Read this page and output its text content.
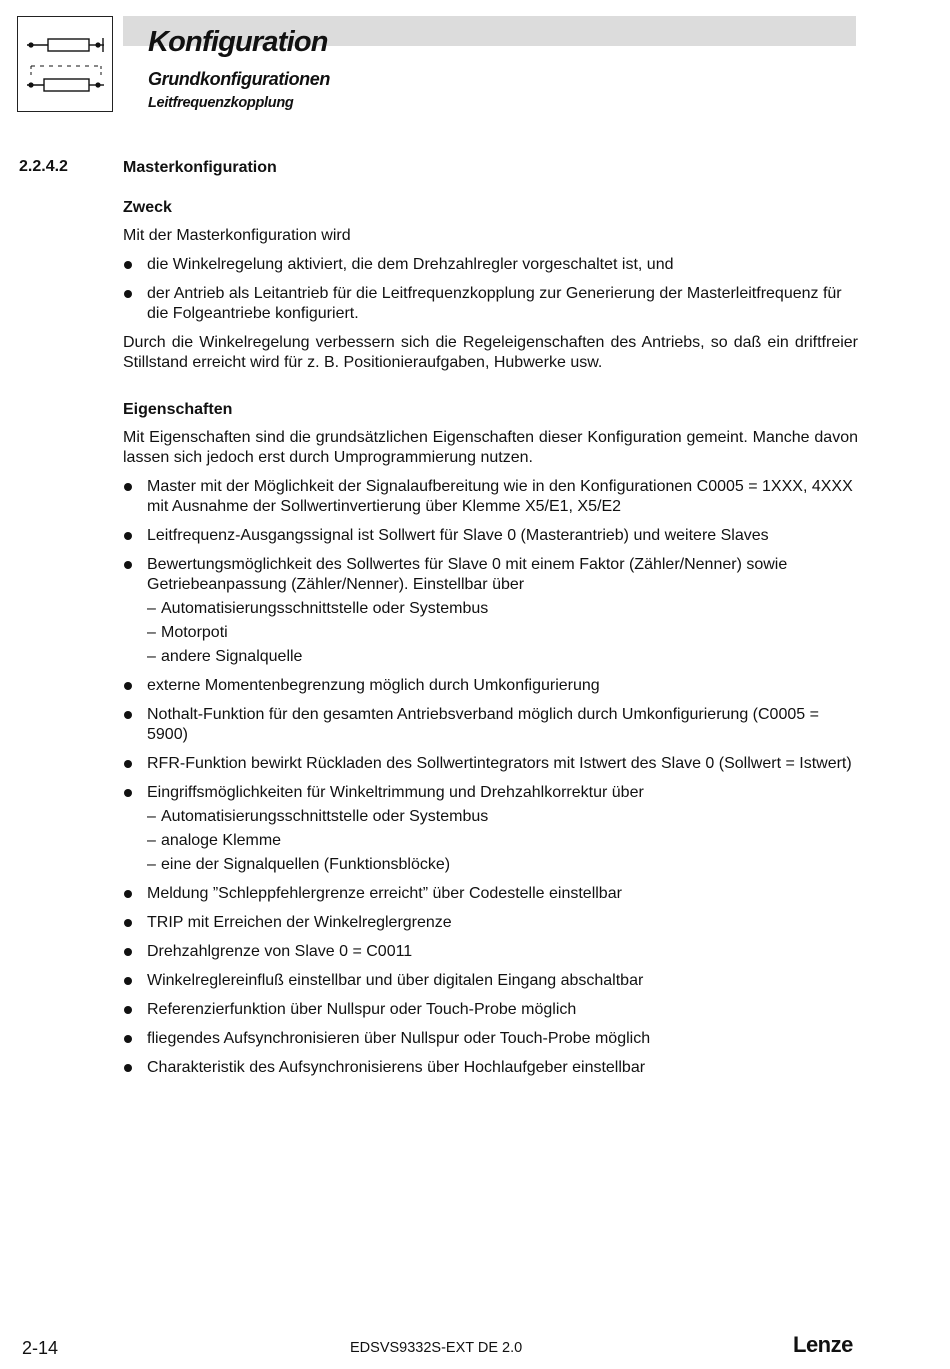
Konfiguration
Grundkonfigurationen
Leitfrequenzkopplung
2.2.4.2	Masterkonfiguration
Zweck
Mit der Masterkonfiguration wird
die Winkelregelung aktiviert, die dem Drehzahlregler vorgeschaltet ist, und
der Antrieb als Leitantrieb für die Leitfrequenzkopplung zur Generierung der Masterleitfrequenz für die Folgeantriebe konfiguriert.
Durch die Winkelregelung verbessern sich die Regeleigenschaften des Antriebs, so daß ein driftfreier Stillstand erreicht wird für z. B. Positionieraufgaben, Hubwerke usw.
Eigenschaften
Mit Eigenschaften sind die grundsätzlichen Eigenschaften dieser Konfiguration gemeint. Manche davon lassen sich jedoch erst durch Umprogrammierung nutzen.
Master mit der Möglichkeit der Signalaufbereitung wie in den Konfigurationen C0005 = 1XXX, 4XXX mit Ausnahme der Sollwertinvertierung über Klemme X5/E1, X5/E2
Leitfrequenz-Ausgangssignal ist Sollwert für Slave 0 (Masterantrieb) und weitere Slaves
Bewertungsmöglichkeit des Sollwertes für Slave 0 mit einem Faktor (Zähler/Nenner) sowie Getriebeanpassung (Zähler/Nenner). Einstellbar über
– Automatisierungsschnittstelle oder Systembus
– Motorpoti
– andere Signalquelle
externe Momentenbegrenzung möglich durch Umkonfigurierung
Nothalt-Funktion für den gesamten Antriebsverband möglich durch Umkonfigurierung (C0005 = 5900)
RFR-Funktion bewirkt Rückladen des Sollwertintegrators mit Istwert des Slave 0 (Sollwert = Istwert)
Eingriffsmöglichkeiten für Winkeltrimmung und Drehzahlkorrektur über
– Automatisierungsschnittstelle oder Systembus
– analoge Klemme
– eine der Signalquellen (Funktionsblöcke)
Meldung ”Schleppfehlergrenze erreicht” über Codestelle einstellbar
TRIP mit Erreichen der Winkelreglergrenze
Drehzahlgrenze von Slave 0 = C0011
Winkelreglereinfluß einstellbar und über digitalen Eingang abschaltbar
Referenzierfunktion über Nullspur oder Touch-Probe möglich
fliegendes Aufsynchronisieren über Nullspur oder Touch-Probe möglich
Charakteristik des Aufsynchronisierens über Hochlaufgeber einstellbar
2-14	EDSVS9332S-EXT DE 2.0	Lenze
